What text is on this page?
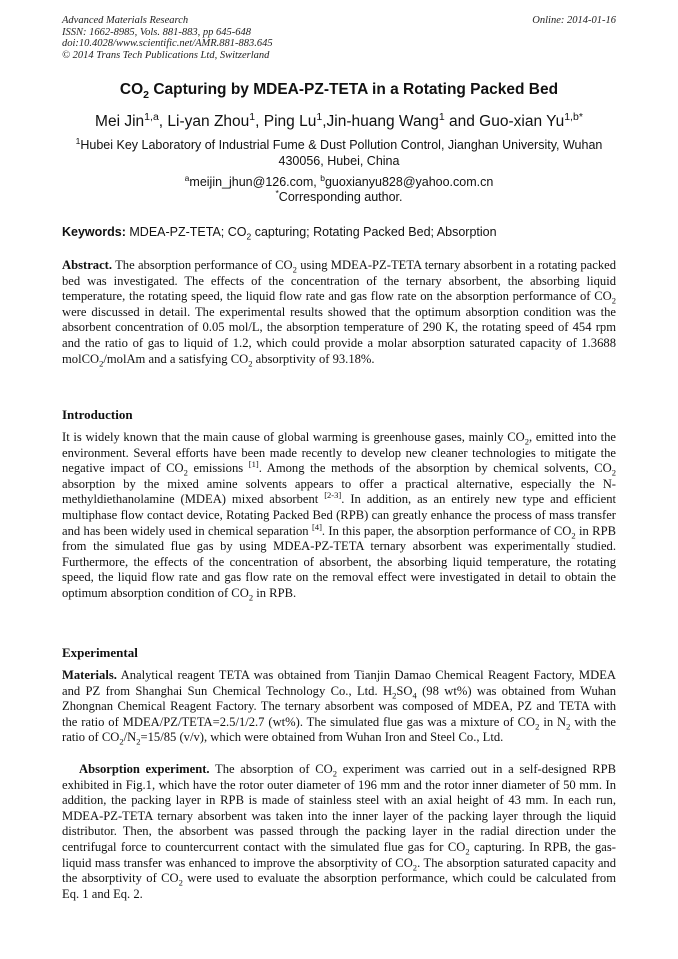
Advanced Materials Research
ISSN: 1662-8985, Vols. 881-883, pp 645-648
doi:10.4028/www.scientific.net/AMR.881-883.645
© 2014 Trans Tech Publications Ltd, Switzerland
Online: 2014-01-16
$CO_2$ Capturing by MDEA-PZ-TETA in a Rotating Packed Bed
Mei Jin$^{1,a}$, Li-yan Zhou$^1$, Ping Lu$^1$,Jin-huang Wang$^1$ and Guo-xian $Yu^{1,b*}$
$^1$Hubei Key Laboratory of Industrial Fume & Dust Pollution Control, Jianghan University, Wuhan 430056, Hubei, China
$^a$meijin_jhun@126.com, $^b$guoxianyu828@yahoo.com.cn
*Corresponding author.
Keywords: MDEA-PZ-TETA; $CO_2$ capturing; Rotating Packed Bed; Absorption
Abstract. The absorption performance of $CO_2$ using MDEA-PZ-TETA ternary absorbent in a rotating packed bed was investigated. The effects of the concentration of the ternary absorbent, the absorbing liquid temperature, the rotating speed, the liquid flow rate and gas flow rate on the absorption performance of $CO_2$ were discussed in detail. The experimental results showed that the optimum absorption condition was the absorbent concentration of 0.05 mol/L, the absorption temperature of 290 K, the rotating speed of 454 rpm and the ratio of gas to liquid of 1.2, which could provide a molar absorption saturated capacity of 1.3688 molCO$_2$/molAm and a satisfying $CO_2$ absorptivity of 93.18%.
Introduction
It is widely known that the main cause of global warming is greenhouse gases, mainly $CO_2$, emitted into the environment. Several efforts have been made recently to develop new cleaner technologies to mitigate the negative impact of $CO_2$ emissions [1]. Among the methods of the absorption by chemical solvents, $CO_2$ absorption by the mixed amine solvents appears to offer a practical alternative, especially the N-methyldiethanolamine (MDEA) mixed absorbent [2-3]. In addition, as an entirely new type and efficient multiphase flow contact device, Rotating Packed Bed (RPB) can greatly enhance the process of mass transfer and has been widely used in chemical separation [4]. In this paper, the absorption performance of $CO_2$ in RPB from the simulated flue gas by using MDEA-PZ-TETA ternary absorbent was experimentally studied. Furthermore, the effects of the concentration of absorbent, the absorbing liquid temperature, the rotating speed, the liquid flow rate and gas flow rate on the removal effect were investigated in detail to obtain the optimum absorption condition of $CO_2$ in RPB.
Experimental
Materials. Analytical reagent TETA was obtained from Tianjin Damao Chemical Reagent Factory, MDEA and PZ from Shanghai Sun Chemical Technology Co., Ltd. $H_2SO_4$ (98 wt%) was obtained from Wuhan Zhongnan Chemical Reagent Factory. The ternary absorbent was composed of MDEA, PZ and TETA with the ratio of MDEA/PZ/TETA=2.5/1/2.7 (wt%). The simulated flue gas was a mixture of $CO_2$ in $N_2$ with the ratio of $CO_2/N_2=15/85$ (v/v), which were obtained from Wuhan Iron and Steel Co., Ltd.
Absorption experiment. The absorption of $CO_2$ experiment was carried out in a self-designed RPB exhibited in Fig.1, which have the rotor outer diameter of 196 mm and the rotor inner diameter of 50 mm. In addition, the packing layer in RPB is made of stainless steel with an axial height of 43 mm. In each run, MDEA-PZ-TETA ternary absorbent was taken into the inner layer of the packing layer through the liquid distributor. Then, the absorbent was passed through the packing layer in the radial direction under the centrifugal force to countercurrent contact with the simulated flue gas for $CO_2$ capturing. In RPB, the gas-liquid mass transfer was enhanced to improve the absorptivity of $CO_2$. The absorption saturated capacity and the absorptivity of $CO_2$ were used to evaluate the absorption performance, which could be calculated from Eq. 1 and Eq. 2.
